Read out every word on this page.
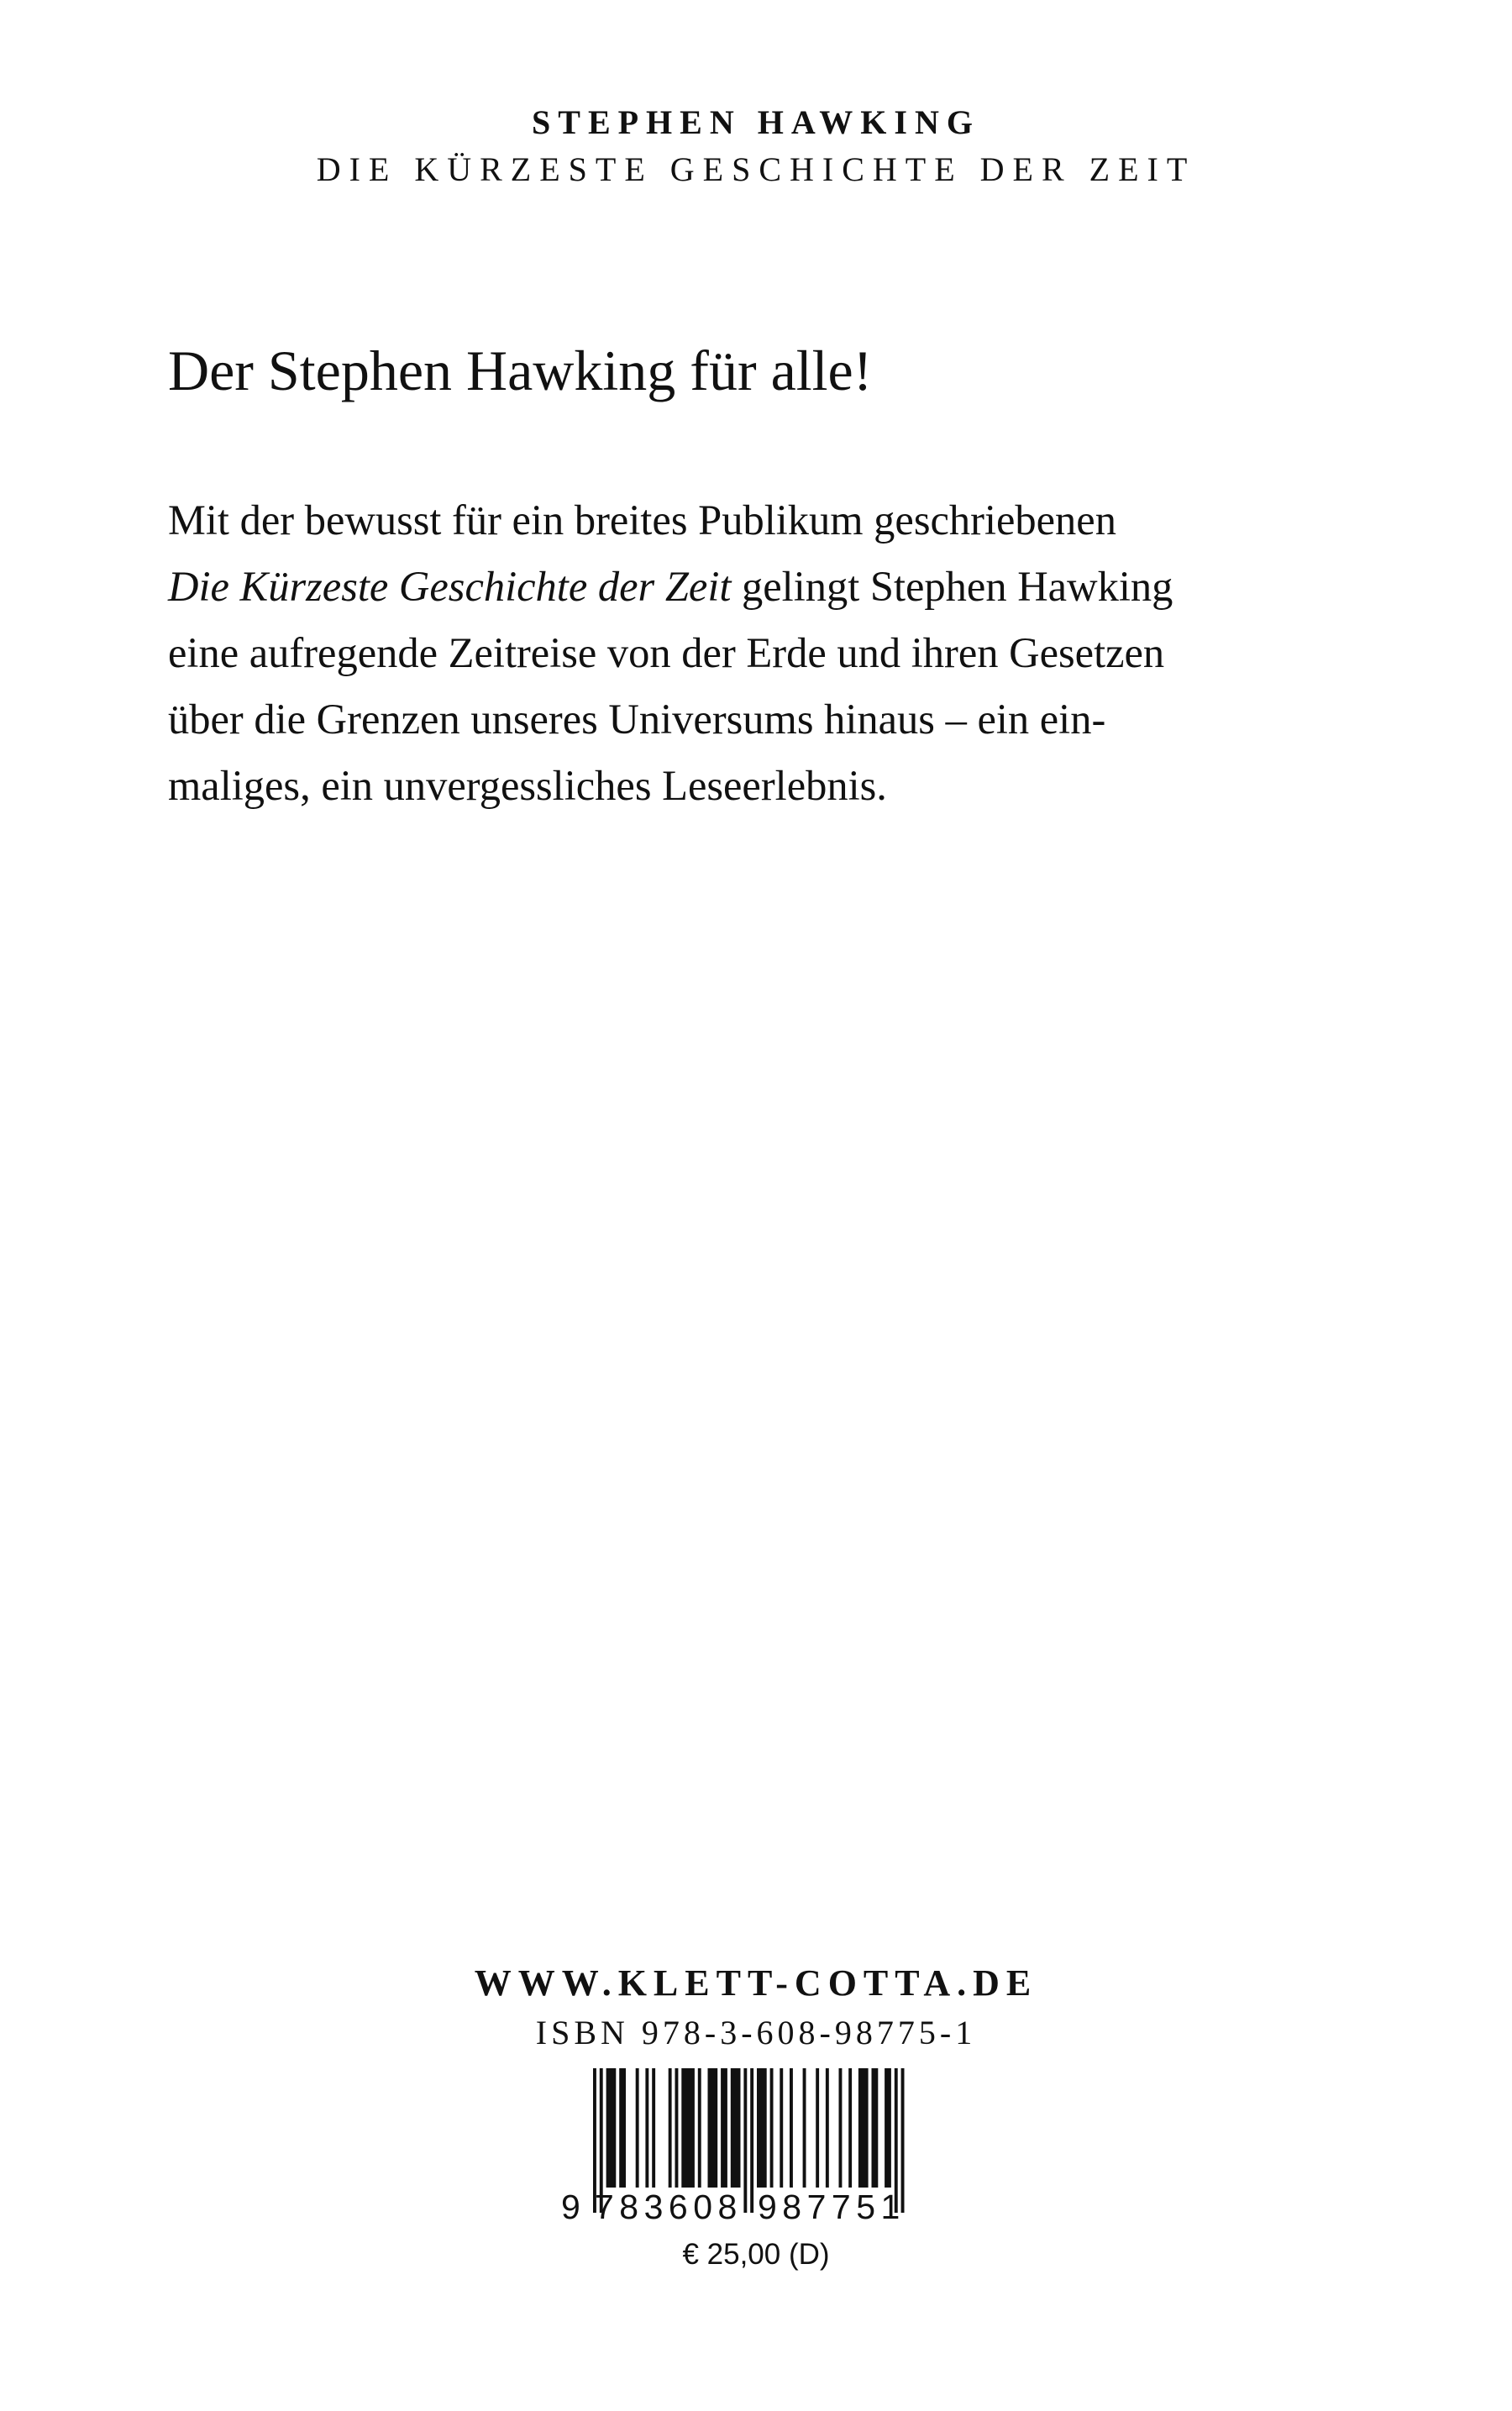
STEPHEN HAWKING
DIE KÜRZESTE GESCHICHTE DER ZEIT
Der Stephen Hawking für alle!
Mit der bewusst für ein breites Publikum geschriebenen
Die Kürzeste Geschichte der Zeit gelingt Stephen Hawking
eine aufregende Zeitreise von der Erde und ihren Gesetzen
über die Grenzen unseres Universums hinaus – ein ein-
maliges, ein unvergessliches Leseerlebnis.
WWW.KLETT-COTTA.DE
ISBN 978-3-608-98775-1
9 783608 987751
€ 25,00 (D)
